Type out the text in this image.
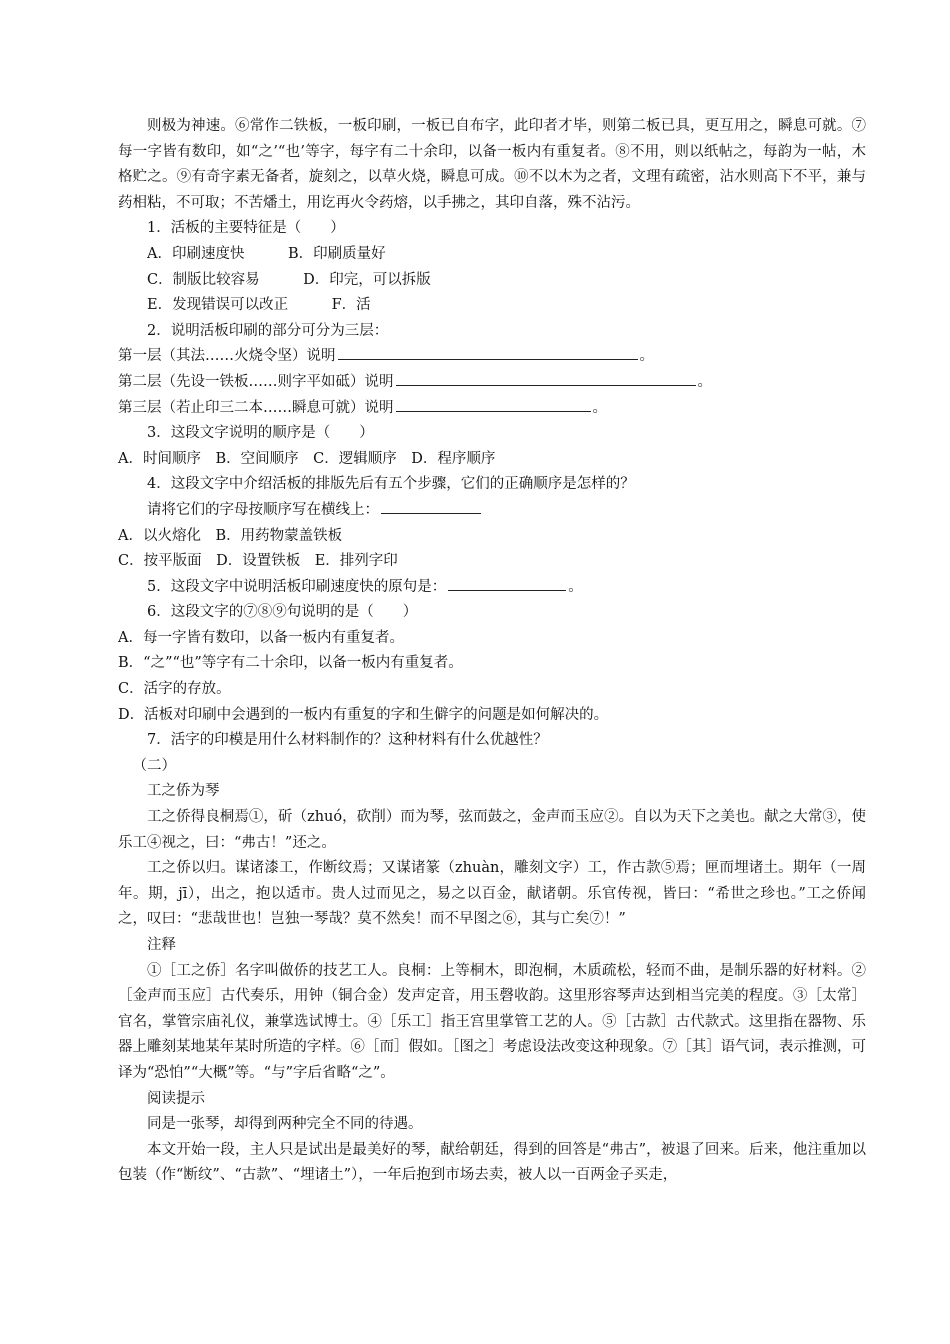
则极为神速。⑥常作二铁板，一板印刷，一板已自布字，此印者才毕，则第二板已具，更互用之，瞬息可就。⑦每一字皆有数印，如“之’“也’等字，每字有二十余印，以备一板内有重复者。⑧不用，则以纸帖之，每韵为一帖，木格贮之。⑨有奇字素无备者，旋刻之，以草火烧，瞬息可成。⑩不以木为之者，文理有疏密，沾水则高下不平，兼与药相粘，不可取；不苦燔土，用讫再火令药熔，以手拂之，其印自落，殊不沾污。

1．活板的主要特征是（　　）

A．印刷速度快　　　B．印刷质量好

C．制版比较容易　　　D．印完，可以拆版

E．发现错误可以改正　　　F．活

2．说明活板印刷的部分可分为三层：

第一层（其法……火烧令坚）说明	。

第二层（先设一铁板……则字平如砥）说明	。

第三层（若止印三二本……瞬息可就）说明	。

3．这段文字说明的顺序是（　　）

A．时间顺序　B．空间顺序　C．逻辑顺序　D．程序顺序

4．这段文字中介绍活板的排版先后有五个步骤，它们的正确顺序是怎样的？

请将它们的字母按顺序写在横线上：

A．以火熔化　B．用药物蒙盖铁板

C．按平版面　D．设置铁板　E．排列字印

5．这段文字中说明活板印刷速度快的原句是：	。

6．这段文字的⑦⑧⑨句说明的是（　　）

A．每一字皆有数印，以备一板内有重复者。

B．“之”“也”等字有二十余印，以备一板内有重复者。

C．活字的存放。

D．活板对印刷中会遇到的一板内有重复的字和生僻字的问题是如何解决的。

7．活字的印模是用什么材料制作的？这种材料有什么优越性？

（二）

工之侨为琴

工之侨得良桐焉①，斫（zhuó，砍削）而为琴，弦而鼓之，金声而玉应②。自以为天下之美也。献之大常③，使乐工④视之，曰：“弗古！”还之。

工之侨以归。谋诸漆工，作断纹焉；又谋诸篆（zhuàn，雕刻文字）工，作古款⑤焉；匣而埋诸土。期年（一周年。期，jī），出之，抱以适市。贵人过而见之，易之以百金，献诸朝。乐官传视，皆曰：“希世之珍也。”工之侨闻之，叹曰：“悲哉世也！岂独一琴哉？莫不然矣！而不早图之⑥，其与亡矣⑦！”

注释

①［工之侨］名字叫做侨的技艺工人。良桐：上等桐木，即泡桐，木质疏松，轻而不曲，是制乐器的好材料。②［金声而玉应］古代奏乐，用钟（铜合金）发声定音，用玉磬收韵。这里形容琴声达到相当完美的程度。③［太常］官名，掌管宗庙礼仪，兼掌选试博士。④［乐工］指王宫里掌管工艺的人。⑤［古款］古代款式。这里指在器物、乐器上雕刻某地某年某时所造的字样。⑥［而］假如。［图之］考虑设法改变这种现象。⑦［其］语气词，表示推测，可译为“恐怕”“大概”等。“与”字后省略“之”。

阅读提示

同是一张琴，却得到两种完全不同的待遇。

本文开始一段，主人只是试出是最美好的琴，献给朝廷，得到的回答是“弗古”，被退了回来。后来，他注重加以包装（作“断纹”、“古款”、“埋诸土”），一年后抱到市场去卖，被人以一百两金子买走，
